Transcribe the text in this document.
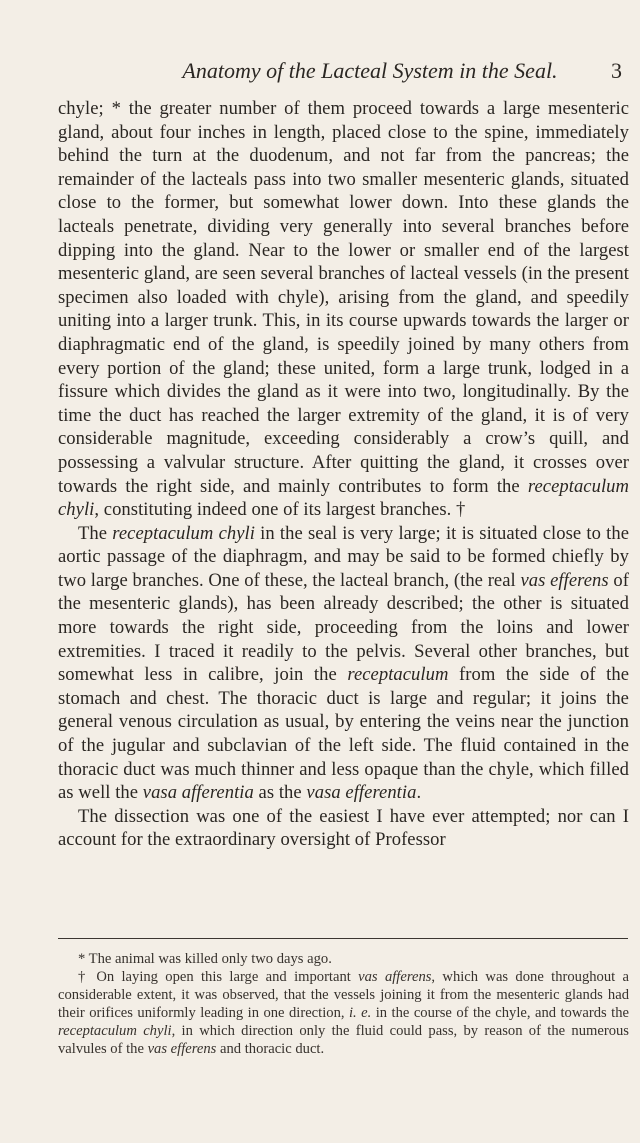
Anatomy of the Lacteal System in the Seal. 3

chyle; * the greater number of them proceed towards a large mesenteric gland, about four inches in length, placed close to the spine, immediately behind the turn at the duodenum, and not far from the pancreas; the remainder of the lacteals pass into two smaller mesenteric glands, situated close to the former, but somewhat lower down. Into these glands the lacteals penetrate, dividing very generally into several branches before dipping into the gland. Near to the lower or smaller end of the largest mesenteric gland, are seen several branches of lacteal vessels (in the present specimen also loaded with chyle), arising from the gland, and speedily uniting into a larger trunk. This, in its course upwards towards the larger or diaphragmatic end of the gland, is speedily joined by many others from every portion of the gland; these united, form a large trunk, lodged in a fissure which divides the gland as it were into two, longitudinally. By the time the duct has reached the larger extremity of the gland, it is of very considerable magnitude, exceeding considerably a crow’s quill, and possessing a valvular structure. After quitting the gland, it crosses over towards the right side, and mainly contributes to form the receptaculum chyli, constituting indeed one of its largest branches. †
The receptaculum chyli in the seal is very large; it is situated close to the aortic passage of the diaphragm, and may be said to be formed chiefly by two large branches. One of these, the lacteal branch, (the real vas efferens of the mesenteric glands), has been already described; the other is situated more towards the right side, proceeding from the loins and lower extremities. I traced it readily to the pelvis. Several other branches, but somewhat less in calibre, join the receptaculum from the side of the stomach and chest. The thoracic duct is large and regular; it joins the general venous circulation as usual, by entering the veins near the junction of the jugular and subclavian of the left side. The fluid contained in the thoracic duct was much thinner and less opaque than the chyle, which filled as well the vasa afferentia as the vasa efferentia.

The dissection was one of the easiest I have ever attempted; nor can I account for the extraordinary oversight of Professor

* The animal was killed only two days ago.

† On laying open this large and important vas afferens, which was done throughout a considerable extent, it was observed, that the vessels joining it from the mesenteric glands had their orifices uniformly leading in one direction, i. e. in the course of the chyle, and towards the receptaculum chyli, in which direction only the fluid could pass, by reason of the numerous valvules of the vas efferens and thoracic duct.
